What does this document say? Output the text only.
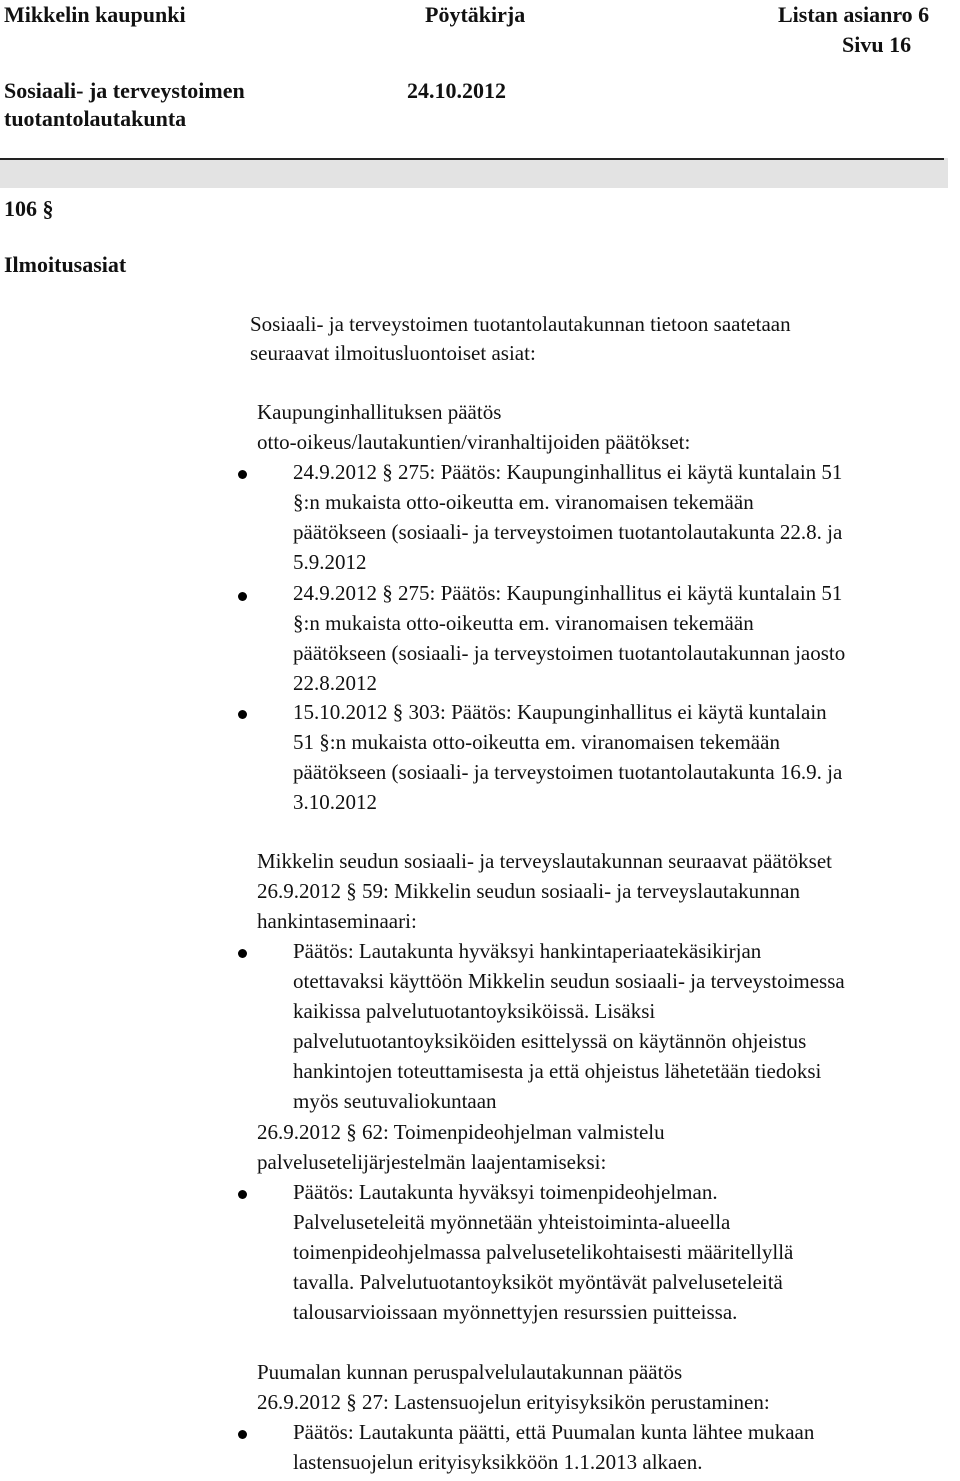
Mikkelin kaupunki	Pöytäkirja	Listan asianro 6
Sivu 16
Sosiaali- ja terveystoimen
tuotantolautakunta
24.10.2012
106 §
Ilmoitusasiat
Sosiaali- ja terveystoimen tuotantolautakunnan tietoon saatetaan
seuraavat ilmoitusluontoiset asiat:
Kaupunginhallituksen päätös
otto-oikeus/lautakuntien/viranhaltijoiden päätökset:
24.9.2012 § 275: Päätös: Kaupunginhallitus ei käytä kuntalain 51
§:n mukaista otto-oikeutta em. viranomaisen tekemään
päätökseen (sosiaali- ja terveystoimen tuotantolautakunta 22.8. ja
5.9.2012
24.9.2012 § 275: Päätös: Kaupunginhallitus ei käytä kuntalain 51
§:n mukaista otto-oikeutta em. viranomaisen tekemään
päätökseen (sosiaali- ja terveystoimen tuotantolautakunnan jaosto
22.8.2012
15.10.2012 § 303: Päätös: Kaupunginhallitus ei käytä kuntalain
51 §:n mukaista otto-oikeutta em. viranomaisen tekemään
päätökseen (sosiaali- ja terveystoimen tuotantolautakunta 16.9. ja
3.10.2012
Mikkelin seudun sosiaali- ja terveyslautakunnan seuraavat päätökset
26.9.2012 § 59: Mikkelin seudun sosiaali- ja terveyslautakunnan
hankintaseminaari:
Päätös: Lautakunta hyväksyi hankintaperiaatekäsikirjan
otettavaksi käyttöön Mikkelin seudun sosiaali- ja terveystoimessa
kaikissa palvelutuotantoyksiköissä. Lisäksi
palvelutuotantoyksiköiden esittelyssä on käytännön ohjeistus
hankintojen toteuttamisesta ja että ohjeistus lähetetään tiedoksi
myös seutuvaliokuntaan
26.9.2012 § 62: Toimenpideohjelman valmistelu
palvelusetelijärjestelmän laajentamiseksi:
Päätös: Lautakunta hyväksyi toimenpideohjelman.
Palveluseteleitä myönnetään yhteistoiminta-alueella
toimenpideohjelmassa palvelusetelikohtaisesti määritellyllä
tavalla. Palvelutuotantoyksiköt myöntävät palveluseteleitä
talousarvioissaan myönnettyjen resurssien puitteissa.
Puumalan kunnan peruspalvelulautakunnan päätös
26.9.2012 § 27: Lastensuojelun erityisyksikön perustaminen:
Päätös: Lautakunta päätti, että Puumalan kunta lähtee mukaan
lastensuojelun erityisyksikköön 1.1.2013 alkaen.
